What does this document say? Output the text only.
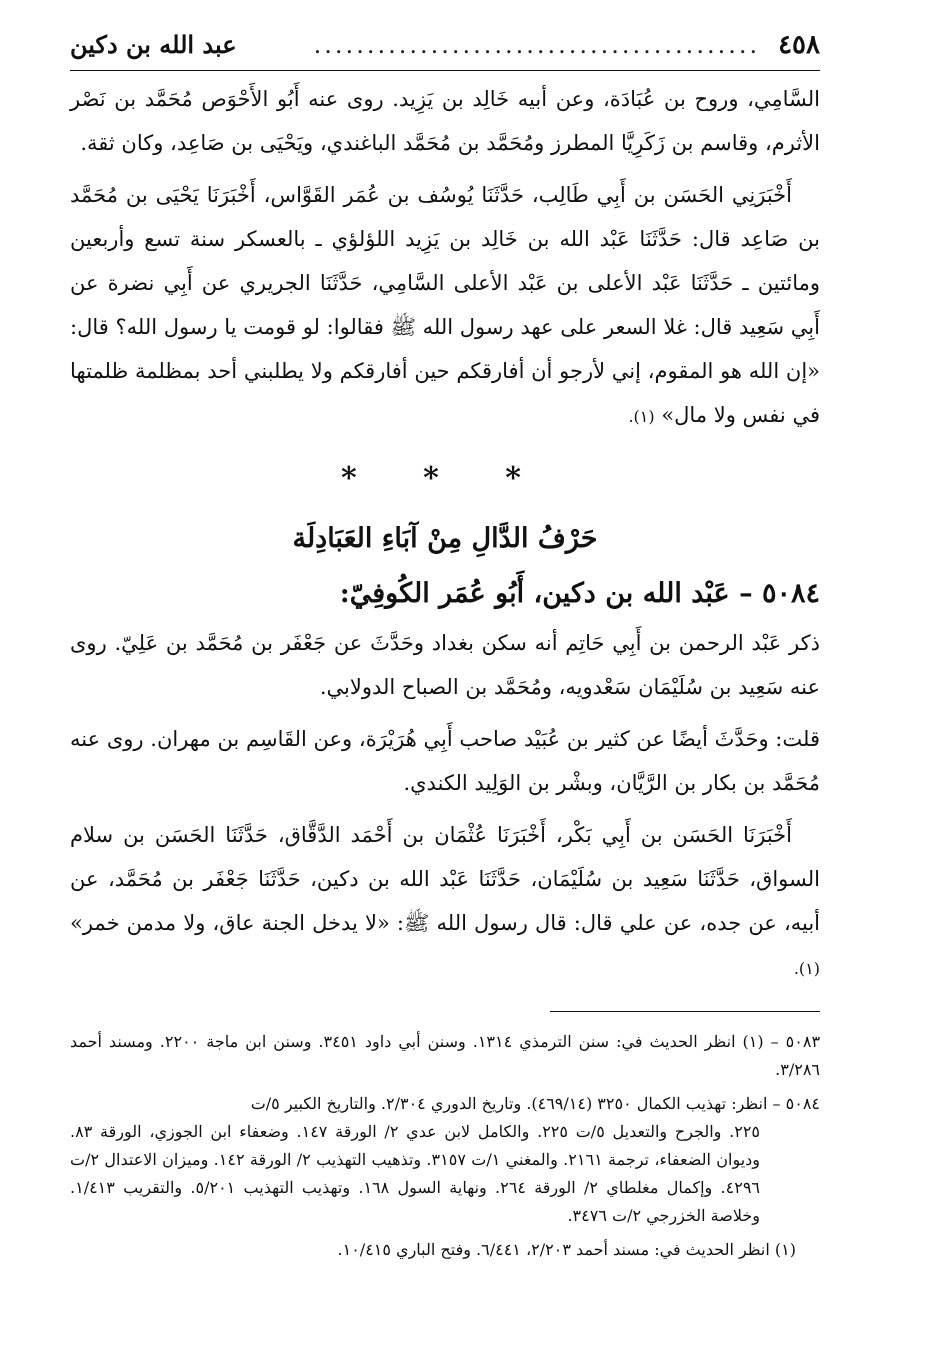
٤٥٨
..........................................
عبد الله بن دكين

السَّامِي، وروح بن عُبَادَة، وعن أبيه خَالِد بن يَزِيد. روى عنه أَبُو الأَحْوَص مُحَمَّد بن نَصْر الأثرم، وقاسم بن زَكَرِيَّا المطرز ومُحَمَّد بن مُحَمَّد الباغندي، ويَحْيَى بن صَاعِد، وكان ثقة.

أَخْبَرَنِي الحَسَن بن أَبِي طَالِب، حَدَّثَنَا يُوسُف بن عُمَر القَوَّاس، أَخْبَرَنَا يَحْيَى بن مُحَمَّد بن صَاعِد قال: حَدَّثَنَا عَبْد الله بن خَالِد بن يَزِيد اللؤلؤي ـ بالعسكر سنة تسع وأربعين ومائتين ـ حَدَّثَنَا عَبْد الأعلى بن عَبْد الأعلى السَّامِي، حَدَّثَنَا الجريري عن أَبِي نضرة عن أَبِي سَعِيد قال: غلا السعر على عهد رسول الله ﷺ فقالوا: لو قومت يا رسول الله؟ قال: «إن الله هو المقوم، إني لأرجو أن أفارقكم حين أفارقكم ولا يطلبني أحد بمظلمة ظلمتها في نفس ولا مال» (١).

* * *
حَرْفُ الدَّالِ مِنْ آبَاءِ العَبَادِلَة
٥٠٨٤ – عَبْد الله بن دكين، أَبُو عُمَر الكُوفِيّ:

ذكر عَبْد الرحمن بن أَبِي حَاتِم أنه سكن بغداد وحَدَّثَ عن جَعْفَر بن مُحَمَّد بن عَلِيّ. روى عنه سَعِيد بن سُلَيْمَان سَعْدويه، ومُحَمَّد بن الصباح الدولابي.

قلت: وحَدَّثَ أيضًا عن كثير بن عُبَيْد صاحب أَبِي هُرَيْرَة، وعن القَاسِم بن مهران. روى عنه مُحَمَّد بن بكار بن الرَّيَّان، وبشْر بن الوَلِيد الكندي.

أَخْبَرَنَا الحَسَن بن أَبِي بَكْر، أَخْبَرَنَا عُثْمَان بن أَحْمَد الدَّقَّاق، حَدَّثَنَا الحَسَن بن سلام السواق، حَدَّثَنَا سَعِيد بن سُلَيْمَان، حَدَّثَنَا عَبْد الله بن دكين، حَدَّثَنَا جَعْفَر بن مُحَمَّد، عن أبيه، عن جده، عن علي قال: قال رسول الله ﷺ: «لا يدخل الجنة عاق، ولا مدمن خمر» (١).

٥٠٨٣ – (١) انظر الحديث في: سنن الترمذي ١٣١٤. وسنن أبي داود ٣٤٥١. وسنن ابن ماجة ٢٢٠٠. ومسند أحمد ٣/٢٨٦.

٥٠٨٤ – انظر: تهذيب الكمال ٣٢٥٠ (٤٦٩/١٤). وتاريخ الدوري ٢/٣٠٤. والتاريخ الكبير ٥/ت

٢٢٥. والجرح والتعديل ٥/ت ٢٢٥. والكامل لابن عدي ٢/ الورقة ١٤٧. وضعفاء ابن الجوزي، الورقة ٨٣. وديوان الضعفاء، ترجمة ٢١٦١. والمغني ١/ت ٣١٥٧. وتذهيب التهذيب ٢/ الورقة ١٤٢. وميزان الاعتدال ٢/ت ٤٢٩٦. وإكمال مغلطاي ٢/ الورقة ٢٦٤. ونهاية السول ١٦٨. وتهذيب التهذيب ٥/٢٠١. والتقريب ١/٤١٣. وخلاصة الخزرجي ٢/ت ٣٤٧٦.

(١) انظر الحديث في: مسند أحمد ٢/٢٠٣، ٦/٤٤١. وفتح الباري ١٠/٤١٥.
